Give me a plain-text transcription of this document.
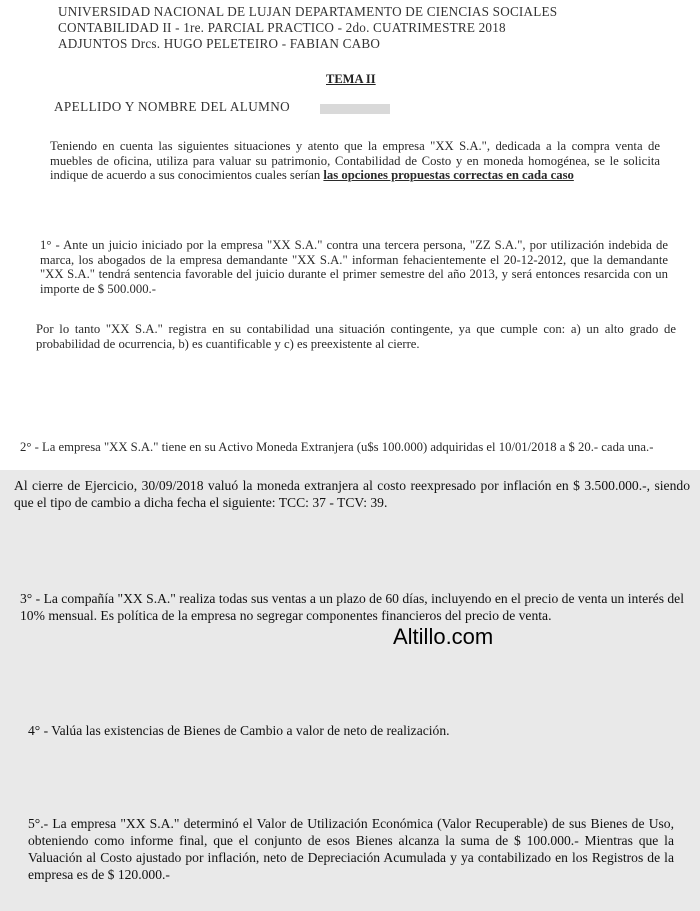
UNIVERSIDAD NACIONAL DE LUJAN DEPARTAMENTO DE CIENCIAS SOCIALES
CONTABILIDAD II - 1re. PARCIAL PRACTICO - 2do. CUATRIMESTRE 2018
ADJUNTOS Drcs. HUGO PELETEIRO - FABIAN CABO
TEMA II
APELLIDO Y NOMBRE DEL ALUMNO
Teniendo en cuenta las siguientes situaciones y atento que la empresa "XX S.A.", dedicada a la compra venta de muebles de oficina, utiliza para valuar su patrimonio, Contabilidad de Costo y en moneda homogénea, se le solicita indique de acuerdo a sus conocimientos cuales serían las opciones propuestas correctas en cada caso
1° - Ante un juicio iniciado por la empresa "XX S.A." contra una tercera persona, "ZZ S.A.", por utilización indebida de marca, los abogados de la empresa demandante "XX S.A." informan fehacientemente el 20-12-2012, que la demandante "XX S.A." tendrá sentencia favorable del juicio durante el primer semestre del año 2013, y será entonces resarcida con un importe de $ 500.000.-
Por lo tanto "XX S.A." registra en su contabilidad una situación contingente, ya que cumple con: a) un alto grado de probabilidad de ocurrencia, b) es cuantificable y c) es preexistente al cierre.
2° - La empresa "XX S.A." tiene en su Activo Moneda Extranjera (u$s 100.000) adquiridas el 10/01/2018 a $ 20.- cada una.-
Al cierre de Ejercicio, 30/09/2018 valuó la moneda extranjera al costo reexpresado por inflación en $ 3.500.000.-, siendo que el tipo de cambio a dicha fecha el siguiente: TCC: 37 - TCV: 39.
3° - La compañía "XX S.A." realiza todas sus ventas a un plazo de 60 días, incluyendo en el precio de venta un interés del 10% mensual. Es política de la empresa no segregar componentes financieros del precio de venta.
4° - Valúa las existencias de Bienes de Cambio a valor de neto de realización.
5°.- La empresa "XX S.A." determinó el Valor de Utilización Económica (Valor Recuperable) de sus Bienes de Uso, obteniendo como informe final, que el conjunto de esos Bienes alcanza la suma de $ 100.000.- Mientras que la Valuación al Costo ajustado por inflación, neto de Depreciación Acumulada y ya contabilizado en los Registros de la empresa es de $ 120.000.-
Altillo.com
